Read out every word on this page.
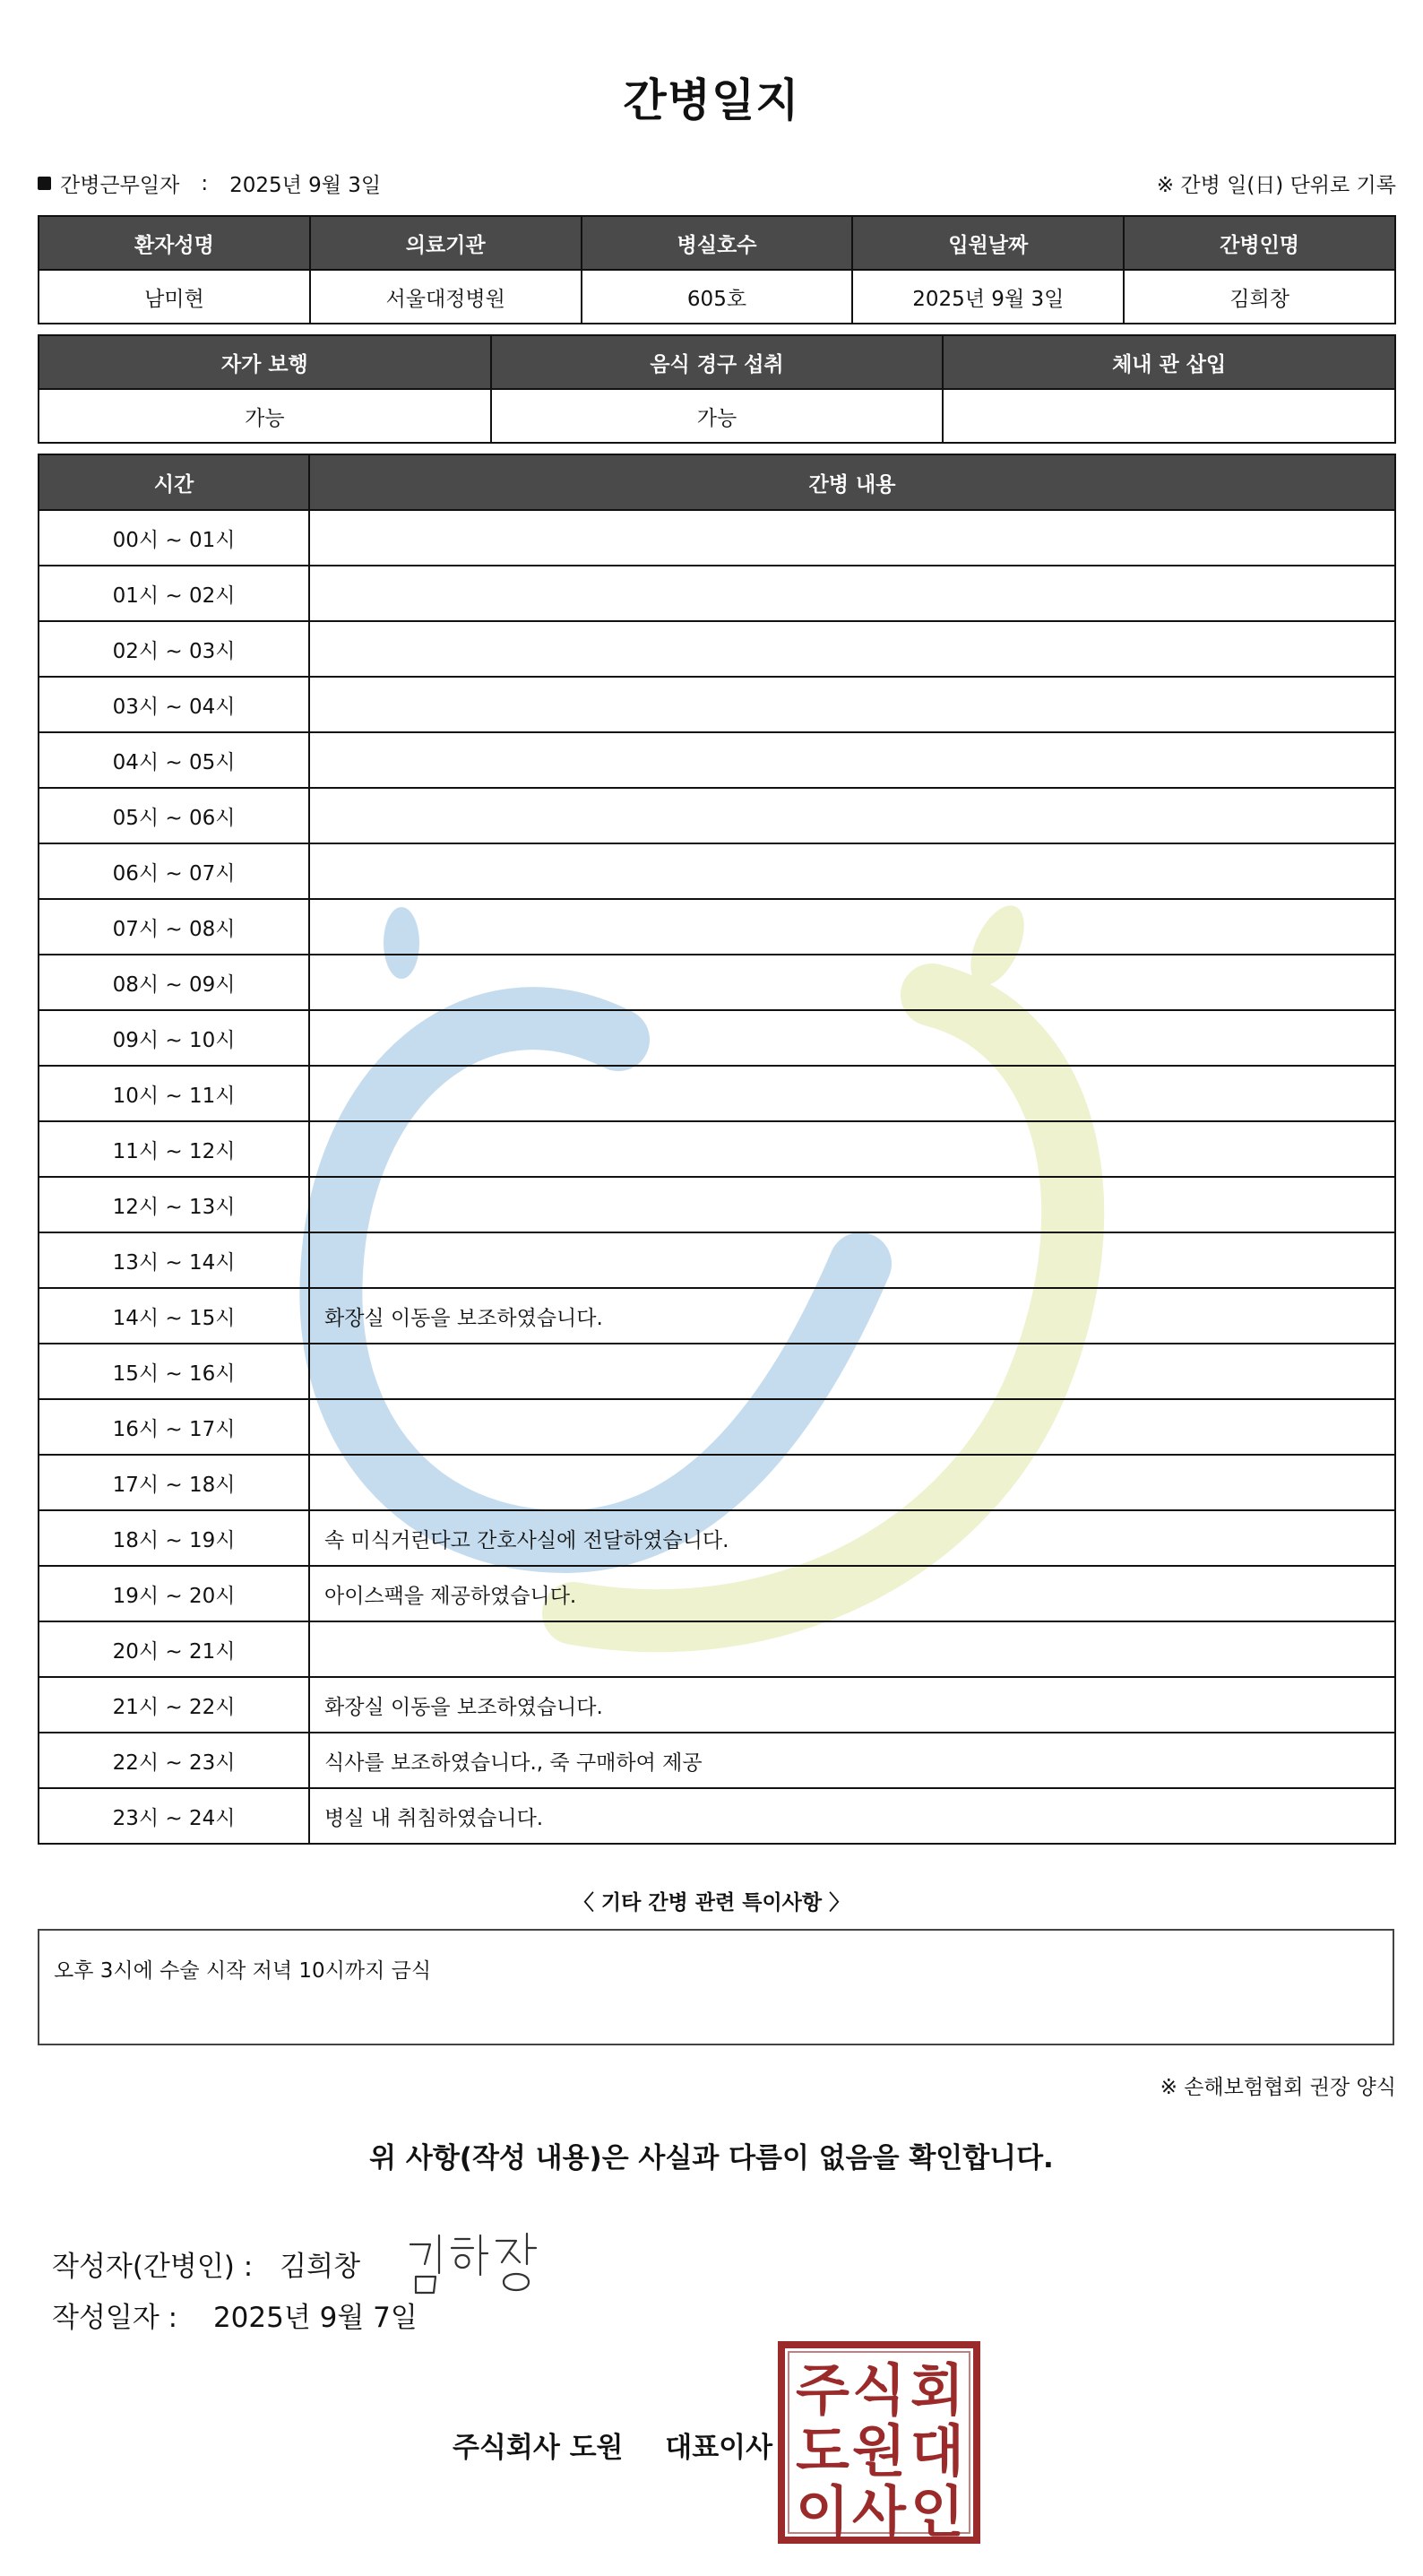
간병일지
간병근무일자 : 2025년 9월 3일	※ 간병 일(日) 단위로 기록
환자성명	의료기관	병실호수	입원날짜	간병인명
남미현	서울대정병원	605호	2025년 9월 3일	김희창
자가 보행	음식 경구 섭취	체내 관 삽입
가능	가능	
시간	간병 내용
00시 ~ 01시	
01시 ~ 02시	
02시 ~ 03시	
03시 ~ 04시	
04시 ~ 05시	
05시 ~ 06시	
06시 ~ 07시	
07시 ~ 08시	
08시 ~ 09시	
09시 ~ 10시	
10시 ~ 11시	
11시 ~ 12시	
12시 ~ 13시	
13시 ~ 14시	
14시 ~ 15시	화장실 이동을 보조하였습니다.
15시 ~ 16시	
16시 ~ 17시	
17시 ~ 18시	
18시 ~ 19시	속 미식거린다고 간호사실에 전달하였습니다.
19시 ~ 20시	아이스팩을 제공하였습니다.
20시 ~ 21시	
21시 ~ 22시	화장실 이동을 보조하였습니다.
22시 ~ 23시	식사를 보조하였습니다., 죽 구매하여 제공
23시 ~ 24시	병실 내 취침하였습니다.
〈 기타 간병 관련 특이사항 〉
오후 3시에 수술 시작 저녁 10시까지 금식
※ 손해보험협회 권장 양식
위 사항(작성 내용)은 사실과 다름이 없음을 확인합니다.
작성자(간병인) : 김희창
작성일자 : 2025년 9월 7일
주식회사 도원 대표이사
주 식 회
도 원 대
이 사 인
